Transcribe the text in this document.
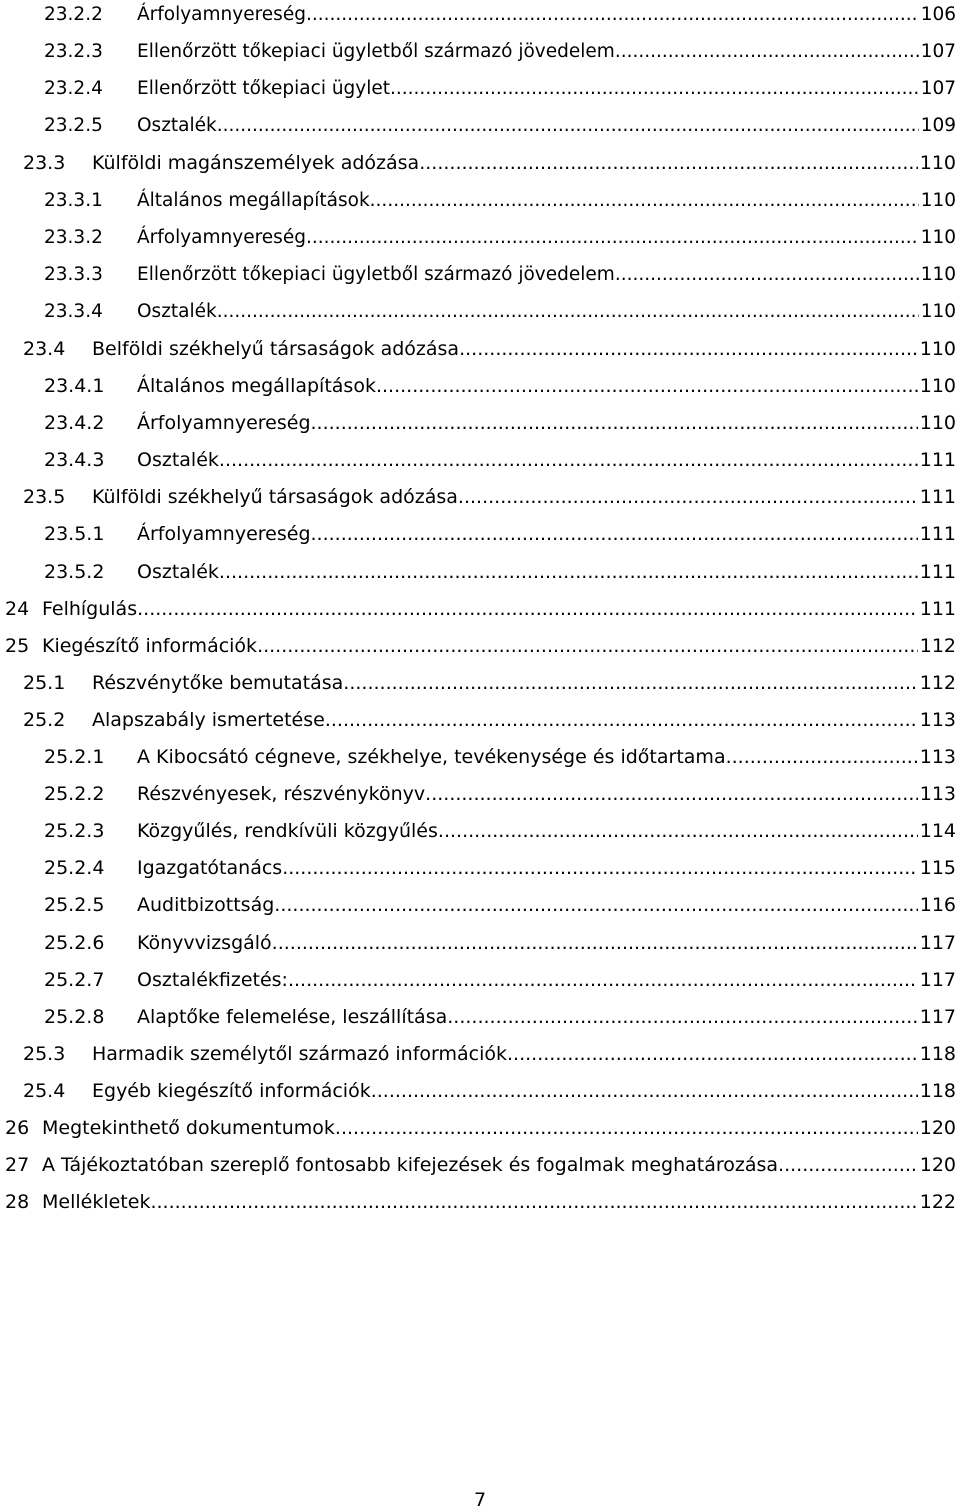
23.2.2 Árfolyamnyereség .....	106
23.2.3 Ellenőrzött tőkepiaci ügyletből származó jövedelem .....	107
23.2.4 Ellenőrzött tőkepiaci ügylet .....	107
23.2.5 Osztalék .....	109
23.3 Külföldi magánszemélyek adózása .....	110
23.3.1 Általános megállapítások .....	110
23.3.2 Árfolyamnyereség .....	110
23.3.3 Ellenőrzött tőkepiaci ügyletből származó jövedelem .....	110
23.3.4 Osztalék .....	110
23.4 Belföldi székhelyű társaságok adózása .....	110
23.4.1 Általános megállapítások .....	110
23.4.2 Árfolyamnyereség .....	110
23.4.3 Osztalék .....	111
23.5 Külföldi székhelyű társaságok adózása .....	111
23.5.1 Árfolyamnyereség .....	111
23.5.2 Osztalék .....	111
24 Felhígulás .....	111
25 Kiegészítő információk .....	112
25.1 Részvénytőke bemutatása .....	112
25.2 Alapszabály ismertetése .....	113
25.2.1 A Kibocsátó cégneve, székhelye, tevékenysége és időtartama .....	113
25.2.2 Részvényesek, részvénykönyv .....	113
25.2.3 Közgyűlés, rendkívüli közgyűlés .....	114
25.2.4 Igazgatótanács .....	115
25.2.5 Auditbizottság .....	116
25.2.6 Könyvvizsgáló .....	117
25.2.7 Osztalékfizetés: .....	117
25.2.8 Alaptőke felemelése, leszállítása .....	117
25.3 Harmadik személytől származó információk .....	118
25.4 Egyéb kiegészítő információk .....	118
26 Megtekinthető dokumentumok .....	120
27 A Tájékoztatóban szereplő fontosabb kifejezések és fogalmak meghatározása .....	120
28 Mellékletek .....	122
7
